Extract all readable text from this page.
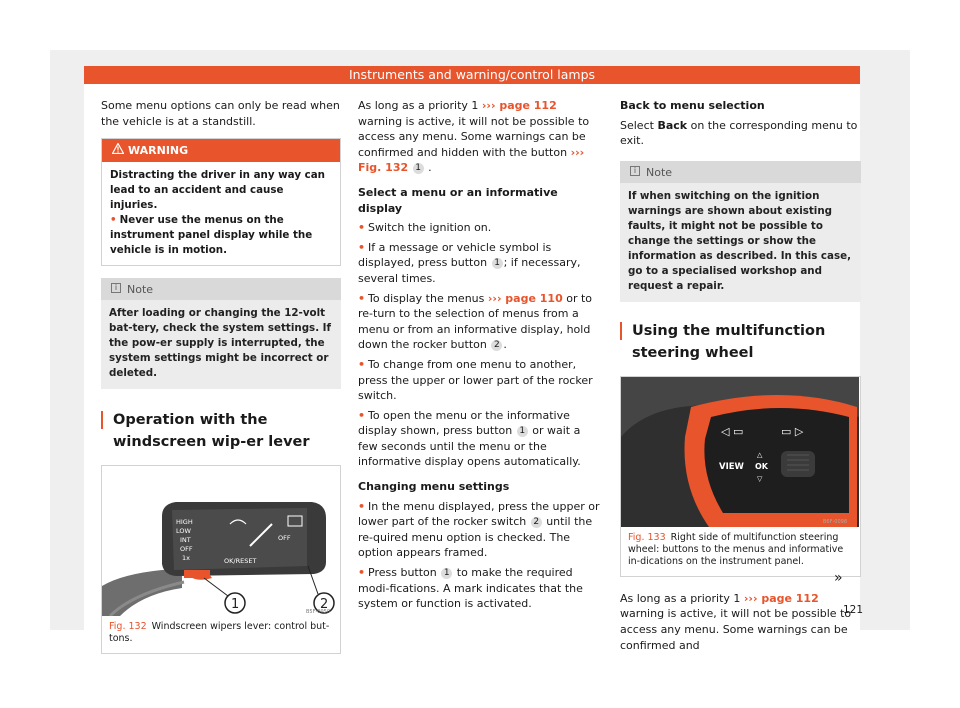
Instruments and warning/control lamps

Some menu options can only be read when the vehicle is at a standstill.

WARNING
Distracting the driver in any way can lead to an accident and cause injuries.
• Never use the menus on the instrument panel display while the vehicle is in motion.
i Note
After loading or changing the 12-volt bat-tery, check the system settings. If the pow-er supply is interrupted, the system settings might be incorrect or deleted.
Operation with the windscreen wip-er lever
HIGH
LOW
INT
OFF
1x	OK/RESET
OFF
1	2
B5F-0950
Fig. 132 Windscreen wipers lever: control but-tons.

As long as a priority 1 ››› page 112 warning is active, it will not be possible to access any menu. Some warnings can be confirmed and hidden with the button ››› Fig. 132 1 .

Select a menu or an informative display

• Switch the ignition on.

• If a message or vehicle symbol is displayed, press button 1 ; if necessary, several times.

• To display the menus ››› page 110 or to re-turn to the selection of menus from a menu or from an informative display, hold down the rocker button 2 .

• To change from one menu to another, press the upper or lower part of the rocker switch.

• To open the menu or the informative display shown, press button 1 or wait a few seconds until the menu or the informative display opens automatically.

Changing menu settings

• In the menu displayed, press the upper or lower part of the rocker switch 2 until the re-quired menu option is checked. The option appears framed.

• Press button 1 to make the required modi-fications. A mark indicates that the system or function is activated.

Back to menu selection

Select Back on the corresponding menu to exit.

i Note
If when switching on the ignition warnings are shown about existing faults, it might not be possible to change the settings or show the information as described. In this case, go to a specialised workshop and request a repair.
Using the multifunction steering wheel
◁ ▭	▭ ▷
VIEW
△
OK
▽
B6F-0098
Fig. 133 Right side of multifunction steering wheel: buttons to the menus and informative in-dications on the instrument panel.

As long as a priority 1 ››› page 112 warning is active, it will not be possible to access any menu. Some warnings can be confirmed and

»
121
